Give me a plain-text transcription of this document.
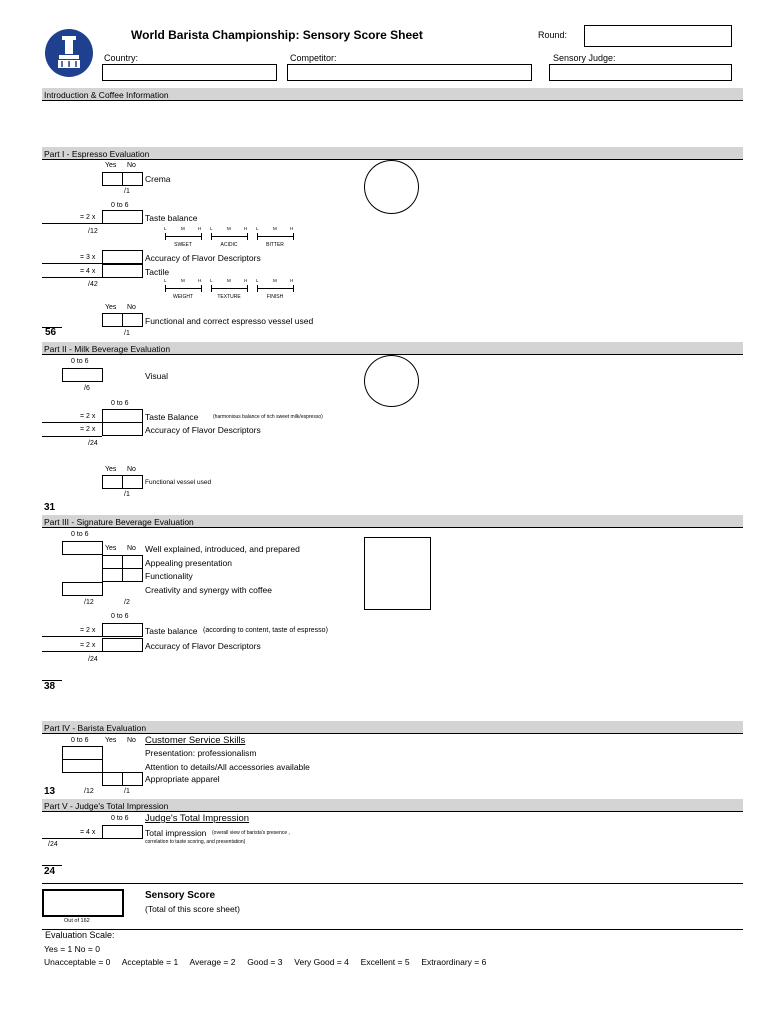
World Barista Championship: Sensory Score Sheet	Round:
Country:	Competitor:	Sensory Judge:
Introduction & Coffee Information
Part I - Espresso Evaluation
Yes No
Crema
/1
0 to 6
= 2 x	Taste balance
/12	L	M	H
SWEET
L	M	H
ACIDIC
L	M	H
BITTER
= 3 x	Accuracy of Flavor Descriptors
= 4 x	Tactile
/42
L	M	H
WEIGHT
L	M	H
TEXTURE
L	M	H
FINISH
Yes No
Functional and correct espresso vessel used
/1
56
Part II - Milk Beverage Evaluation
0 to 6
Visual
/6
0 to 6
= 2 x	Taste Balance	(harmonious balance of rich sweet milk/espresso)
= 2 x	Accuracy of Flavor Descriptors
/24
Yes No
Functional vessel used
/1
31
Part III - Signature Beverage Evaluation
0 to 6
Yes No Well explained, introduced, and prepared
Appealing presentation
Functionality
Creativity and synergy with coffee
/12	/2
0 to 6
= 2 x	Taste balance (according to content, taste of espresso)
= 2 x	Accuracy of Flavor Descriptors
/24
38
Part IV - Barista Evaluation
0 to 6 Yes No Customer Service Skills
Presentation: professionalism
Attention to details/All accessories available
Appropriate apparel
13	/12	/1
Part V - Judge's Total Impression
0 to 6 Judge's Total Impression
= 4 x	Total impression (overall view of barista's presence ,
correlation to taste scoring, and presentation)
/24
24
Out of 162
Sensory Score
(Total of this score sheet)
Evaluation Scale:
Yes = 1 No = 0
Unacceptable = 0     Acceptable = 1     Average = 2     Good = 3     Very Good = 4     Excellent = 5     Extraordinary = 6
